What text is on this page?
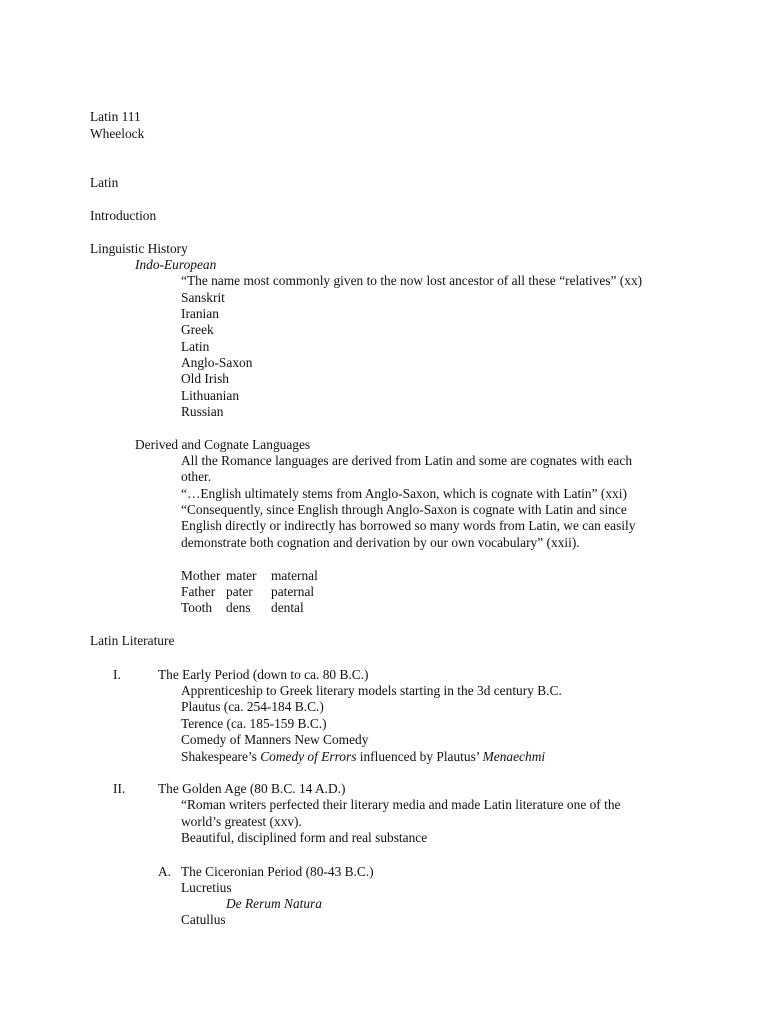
Latin 111
Wheelock
Latin
Introduction
Linguistic History
Indo-European
“The name most commonly given to the now lost ancestor of all these “relatives” (xx)
Sanskrit
Iranian
Greek
Latin
Anglo-Saxon
Old Irish
Lithuanian
Russian
Derived and Cognate Languages
All the Romance languages are derived from Latin and some are cognates with each
other.
“…English ultimately stems from Anglo-Saxon, which is cognate with Latin” (xxi)
“Consequently, since English through Anglo-Saxon is cognate with Latin and since
English directly or indirectly has borrowed so many words from Latin, we can easily
demonstrate both cognation and derivation by our own vocabulary” (xxii).
Mother mater maternal
Father pater paternal
Tooth dens dental
Latin Literature
I.	The Early Period (down to ca. 80 B.C.)
Apprenticeship to Greek literary models starting in the 3d century B.C.
Plautus (ca. 254-184 B.C.)
Terence (ca. 185-159 B.C.)
Comedy of Manners New Comedy
Shakespeare’s Comedy of Errors influenced by Plautus’ Menaechmi
II. The Golden Age (80 B.C. 14 A.D.)
“Roman writers perfected their literary media and made Latin literature one of the
world’s greatest (xxv).
Beautiful, disciplined form and real substance
A. The Ciceronian Period (80-43 B.C.)
Lucretius
De Rerum Natura
Catullus
